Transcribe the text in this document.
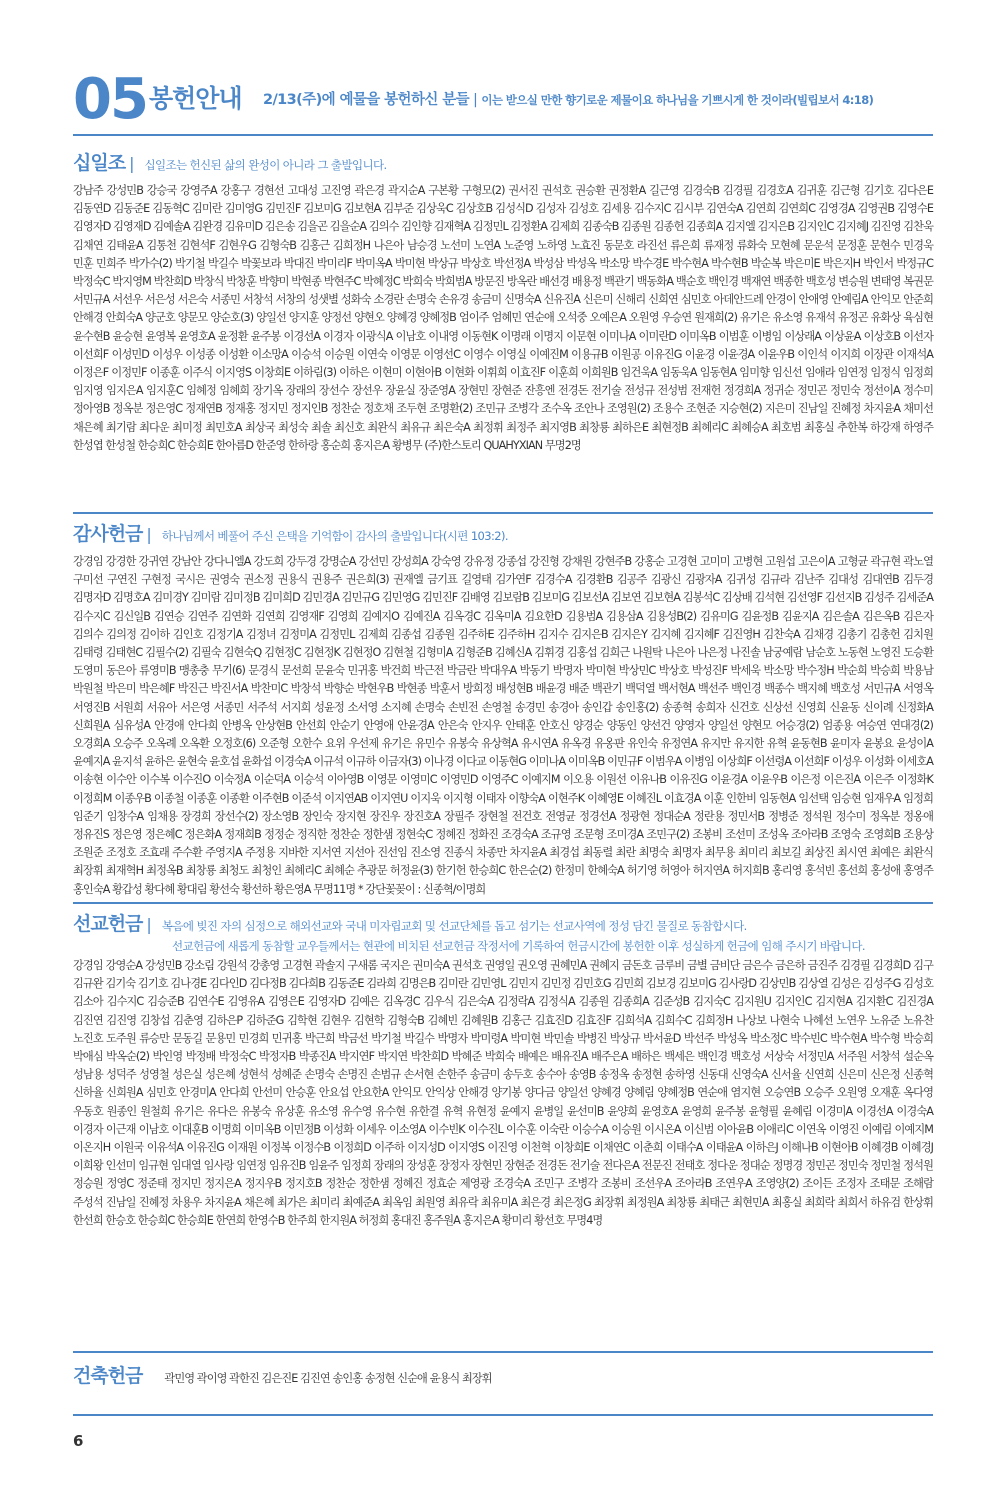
05 봉헌안내 2/13(주)에 예물을 봉헌하신 분들 | 이는 받으실 만한 향기로운 제물이요 하나님을 기쁘시게 한 것이라(빌립보서 4:18)
십일조 | 십일조는 헌신된 삶의 완성이 아니라 그 출발입니다.
강남주 강성민B 강승국 강영주A 강홍구 경현선 고대성 고진영 곽은경 곽지순A 구본황 구형모(2) 권서진 권석호 권승환 권정환A 길근영 김경숙B 김경필 김경호A 김귀훈 김근형 김기호 김다은E 김동연D 김동준E 김동혁C 김미란 김미영G 김민진F 김보미G 김보현A 김부준 김상욱C 김상호B 김성식D 김성자 김성호 김세용 김수지C 김시부 김연숙A 김연희 김연희C 김영경A 김영권B 김영수E 김영자D 김영재D 김예솔A 김완경 김유미D 김은송 김을곤 김을순A 김의수 김인향 김재혁A 김정민L 김정환A 김제희 김종숙B 김종원 김종헌 김종희A 김지엘 김지은B 김지인C 김지혜J 김진영 김찬욱 김채연 김태윤A 김통천 김현석F 김현우G 김형숙B 김홍근 김희정H 나은아 남승경 노선미 노연A 노준영 노하영 노효진 동문호 라진선 류은희 류재정 류화숙 모현혜 문운석 문정훈 문현수 민경욱 민훈 민희주 박가수(2) 박기철 박길수 박꽃보라 박대진 박미리F 박미옥A 박미현 박상규 박상호 박선정A 박성삼 박성옥 박소망 박수경E 박수현A 박수현B 박순복 박은미E 박은지H 박인서 박정규C 박정숙C 박지영M 박찬희D 박창식 박창훈 박향미 박현종 박현주C 박혜정C 박희숙 박희범A 방문진 방옥란 배선경 배용정 백관기 백동화A 백순호 백인경 백재연 백종한 백호성 변승원 변태영 복권문 서민규A 서선우 서은성 서은숙 서종민 서창석 서창의 성샛별 성화숙 소경란 손명숙 손유경 송금미 신명숙A 신유진A 신은미 신해리 신희연 심민호 아데안드레 안경이 안애영 안예림A 안익모 안준희 안해경 안희숙A 양군호 양문모 양순호(3) 양일선 양지훈 양정선 양현오 양혜경 양혜정B 엄이주 엄혜민 연순애 오석중 오예은A 오원영 우승연 원재희(2) 유기은 유소영 유재석 유정곤 유화상 육심현 윤수현B 윤승현 윤영복 윤영호A 윤정환 윤주봉 이경선A 이경자 이광식A 이남호 이내영 이동현K 이명래 이명지 이문현 이미나A 이미란D 이미옥B 이범훈 이병임 이상래A 이상윤A 이상호B 이선자 이선희F 이성민D 이성우 이성종 이성환 이소망A 이승석 이승원 이연숙 이영문 이영선C 이영수 이영실 이예진M 이용규B 이원공 이유진G 이윤경 이윤경A 이윤우B 이인석 이지희 이장관 이재석A 이정은F 이정민F 이종훈 이주식 이지영S 이창희E 이하림(3) 이하은 이현미 이현아B 이현화 이휘희 이효진F 이훈희 이희원B 임건욱A 임동욱A 임동현A 임미향 임신선 임애라 임연정 임정식 임정희 임지영 임지은A 임지훈C 임혜정 임혜희 장기옥 장래의 장선수 장선우 장윤실 장준영A 장현민 장현준 잔흥엔 전경돈 전기술 전성규 전성범 전재헌 정경희A 정귀순 정민곤 정민숙 정선이A 정수미 정아영B 정옥분 정은영C 정재연B 정재홍 정지민 정지인B 정찬순 정호채 조두현 조명환(2) 조민규 조병각 조수옥 조안나 조영원(2) 조용수 조현준 지승현(2) 지은미 진남일 진혜정 차지윤A 채미선 채은혜 최기람 최다운 최미정 최민호A 최상국 최성숙 최솔 최신호 최완식 최유규 최은숙A 최정휘 최정주 최지영B 최창룡 최하은E 최현정B 최혜리C 최혜승A 최호범 최홍실 추한복 하강재 하영주 한성엽 한성철 한승희C 한승희E 한아름D 한준영 한하랑 홍순희 홍지은A 황병무 (주)한스토리 QUAHYXIAN 무명2명
감사헌금 | 하나님께서 베풀어 주신 은택을 기억함이 감사의 출발입니다(시편 103:2).
강경임 강경한 강귀연 강남안 강다니엘A 강도희 강두경 강명순A 강선민 강성희A 강숙영 강유정 강종섭 강진형 강채원 강현주B 강홍순 고경현 고미미 고병현 고원섭 고은이A 고형균 곽규현 곽노열 구미선 구연진 구현정 국시은 권영숙 권소정 권용식 권용주 권은희(3) 권재엘 금기표 길영태 김가연F 김경수A 김경환B 김공주 김광신 김광자A 김귀성 김규라 김난주 김대성 김대연B 김두경 김명자D 김명호A 김미경Y 김미람 김미정B 김미희D 김민경A 김민규G 김민영G 김민진F 김배영 김보람B 김보미G 김보선A 김보연 김보현A 김봉석C 김상배 김석현 김선영F 김선지B 김성주 김세준A 김수지C 김신일B 김연승 김연주 김연화 김연희 김영재F 김영희 김예지O 김예진A 김옥경C 김옥미A 김요한D 김용범A 김용삼A 김용성B(2) 김유미G 김윤정B 김윤지A 김은솔A 김은옥B 김은자 김의수 김의정 김이하 김인호 김정기A 김정녀 김정미A 김정민L 김제희 김종섭 김종원 김주하E 김주하H 김지수 김지은B 김지은Y 김지혜 김지혜F 김진영H 김찬숙A 김채경 김총기 김총헌 김치원 김태령 김태현C 김필수(2) 김필숙 김현숙Q 김현정C 김현정K 김현정O 김현철 김형미A 김형준B 김혜신A 김휘경 김홍섭 김희근 나원탁 나은아 나은정 나진솔 남궁예람 남순호 노동현 노영진 도승환 도영미 동은아 류영미B 맹총충 무기(6) 문경식 문선희 문윤숙 민귀홍 박건희 박근전 박금란 박대우A 박동기 박명자 박미현 박상민C 박상호 박성진F 박세욱 박소망 박수정H 박순희 박승희 박용남 박원철 박은미 박은혜F 박진근 박진서A 박찬미C 박창석 박향순 박현우B 박현종 박훈서 방희정 배성현B 배윤경 배준 백관기 백덕열 백서현A 백선주 백인경 백종수 백지혜 백호성 서민규A 서영옥 서영진B 서원희 서유아 서은영 서종민 서주석 서지희 성윤정 소서영 소지혜 손명숙 손빈전 손영철 송경민 송경아 송인갑 송인홍(2) 송종혁 송희자 신건호 신상선 신영희 신윤동 신이례 신정화A 신희원A 심유성A 안경애 안다희 안병옥 안상현B 안선희 안순기 안영애 안윤경A 안은숙 안지우 안태훈 안호신 양경순 양동인 양선건 양영자 양일선 양현모 어승경(2) 엄종용 여승연 연대경(2) 오경희A 오승주 오옥례 오옥환 오정호(6) 오준형 오한수 요위 우선제 유기은 유민수 유봉숙 유상혁A 유시연A 유옥경 유옹판 유인숙 유정연A 유지만 유지한 유혁 윤동현B 윤미자 윤봉요 윤성이A 윤예지A 윤지석 윤하은 윤현숙 윤호섭 윤화섭 이경숙A 이규석 이규하 이금자(3) 이나경 이다교 이동현G 이미나A 이미옥B 이민규F 이범우A 이병임 이상희F 이선령A 이선희F 이성우 이성화 이세호A 이송현 이수안 이수복 이수진O 이숙정A 이순덕A 이승석 이아영B 이영문 이영미C 이영민D 이영주C 이예지M 이오용 이원선 이유나B 이유진G 이윤경A 이윤우B 이은정 이은진A 이은주 이정화K 이정희M 이종우B 이종철 이종훈 이종환 이주현B 이준석 이지연AB 이지연U 이지욱 이지형 이태자 이향숙A 이현주K 이혜영E 이혜진L 이효경A 이훈 인한비 임동현A 임선택 임승현 임재우A 임정희 임준기 임창수A 임채용 장경희 장선수(2) 장소영B 장인숙 장지현 장진우 장진호A 장필주 장현철 전건호 전영균 정경선A 정광현 정대순A 정란용 정민서B 정병준 정석원 정수미 정옥분 정옹애 정유진S 정은영 정은혜C 정은화A 정재희B 정정순 정직한 정찬순 정한샘 정현숙C 정혜진 정화진 조경숙A 조규영 조문형 조미경A 조민구(2) 조봉비 조선미 조성옥 조아라B 조영숙 조영희B 조용상 조원준 조정호 조효래 주수환 주영지A 주정용 지바한 지서연 지선아 진선임 진소영 진종식 차종만 차지윤A 최경섭 최동렬 최란 최명숙 최명자 최무용 최미리 최보길 최상진 최시연 최예은 최완식 최장휘 최재혁H 최정옥B 최창룡 최청도 최청인 최혜리C 최혜순 추광문 허정윤(3) 한기헌 한승희C 한은순(2) 한정미 한혜숙A 허기영 허영아 허지연A 허지희B 홍리영 홍석빈 홍선희 홍성애 홍영주 홍인숙A 황갑성 황다혜 황대림 황선숙 황선하 황은영A 무명11명 * 강단꽃꽂이 : 신종혁/이명희
선교헌금 | 복음에 빚진 자의 심정으로 해외선교와 국내 미자립교회 및 선교단체를 돕고 섬기는 선교사역에 정성 담긴 물질로 동참합시다.
선교헌금에 새롭게 동참할 교우들께서는 현관에 비치된 선교헌금 작정서에 기록하여 헌금시간에 봉헌한 이후 성실하게 헌금에 임해 주시기 바랍니다.
강경임 강영순A 강성민B 강소림 강원석 강총영 고경현 곽솔지 구새롬 국지은 권미숙A 권석호 권영일 권오영 권혜민A 권혜지 금돈호 금루비 금별 금비단 금은수 금은하 금진주 김경필 김경희D 김구 김규완 김기숙 김기호 김나경E 김다인D 김다정B 김다희B 김동준E 김라희 김명은B 김미란 김민영L 김민지 김민정 김민호G 김민희 김보경 김보미G 김사랑D 김상민B 김상열 김성은 김성주G 김성호 김소아 김수지C 김승준B 김연수E 김영유A 김영은E 김영자D 김예은 김옥경C 김우식 김은숙A 김정락A 김정식A 김종원 김종희A 김준성B 김지숙C 김지원U 김지인C 김지현A 김지환C 김진경A 김진연 김진영 김창섭 김춘영 김하은P 김하준G 김학현 김현우 김현학 김형숙B 김혜빈 김혜원B 김홍근 김효진D 김효진F 김희석A 김희수C 김희정H 나상보 나현숙 나혜선 노연우 노유준 노유찬 노진호 도주원 류승만 문동길 문용민 민경희 민귀홍 박근희 박금선 박기철 박길수 박명자 박미령A 박미현 박민솔 박병진 박상규 박서윤D 박선주 박성옥 박소정C 박수빈C 박수현A 박수형 박승희 박애심 박옥순(2) 박인영 박정배 박정숙C 박정자B 박종진A 박지연F 박지연 박찬희D 박혜준 박희숙 배예은 배유진A 배주은A 배하은 백세은 백인경 백호성 서상숙 서정민A 서주원 서창석 설순옥 성남용 성덕주 성영철 성은실 성은혜 성현석 성혜준 손명숙 손명진 손범규 손서현 손한주 송금미 송두호 송수아 송영B 송정옥 송정현 송하영 신동대 신영숙A 신서율 신연희 신은미 신은정 신종혁 신하율 신희원A 심민호 안경미A 안다희 안선미 안승훈 안요섭 안요한A 안익모 안익상 안해경 양기봉 양다금 양일선 양혜경 양혜림 양혜정B 연순애 염지현 오승연B 오승주 오원영 오재훈 옥다영 우동호 원종인 원철희 유기은 유다은 유봉숙 유상훈 유소영 유수영 유수현 유한결 유혁 유현정 윤예지 윤병일 윤선미B 윤양희 윤영호A 윤영희 윤주봉 윤형필 윤혜림 이경미A 이경선A 이경숙A 이경자 이근재 이남호 이대훈B 이명희 이미옥B 이민정B 이성화 이세우 이소영A 이수빈K 이수진L 이수훈 이숙란 이승수A 이승원 이시온A 이신범 이아윤B 이애리C 이연옥 이영진 이예림 이예지M 이온지H 이원국 이유석A 이유진G 이재원 이정복 이정수B 이정희D 이주하 이지성D 이지영S 이진영 이천혁 이창희E 이채연C 이춘희 이태수A 이태윤A 이하은J 이해나B 이현아B 이혜경B 이혜경J 이희왕 인선미 임규현 임대열 임사랑 임연정 임유진B 임윤주 임정희 장래의 장성훈 장정자 장현민 장현준 전경돈 전기술 전다은A 전문진 전태호 정다운 정대순 정명경 정민곤 정민숙 정민철 정석원 정승원 정영C 정준태 정지민 정지은A 정지우B 정지호B 정찬순 정한샘 정혜진 정효순 제영광 조경숙A 조민구 조병각 조봉비 조선우A 조아라B 조연우A 조영양(2) 조이든 조정자 조태문 조해람 주성석 진남일 진혜정 차용우 차지윤A 채은혜 최가은 최미리 최예준A 최옥임 최원영 최유락 최유미A 최은경 최은정G 최장휘 최정원A 최창룡 최태근 최현민A 최홍실 최희락 최희서 하유검 한상휘 한선희 한승호 한승희C 한승희E 한연희 한영수B 한주희 한지원A 허정희 홍대진 홍주원A 홍지은A 황미리 황선호 무명4명
건축헌금 곽민영 곽이영 곽한진 김은진E 김진연 송인홍 송정현 신순애 윤용식 최장휘
6
